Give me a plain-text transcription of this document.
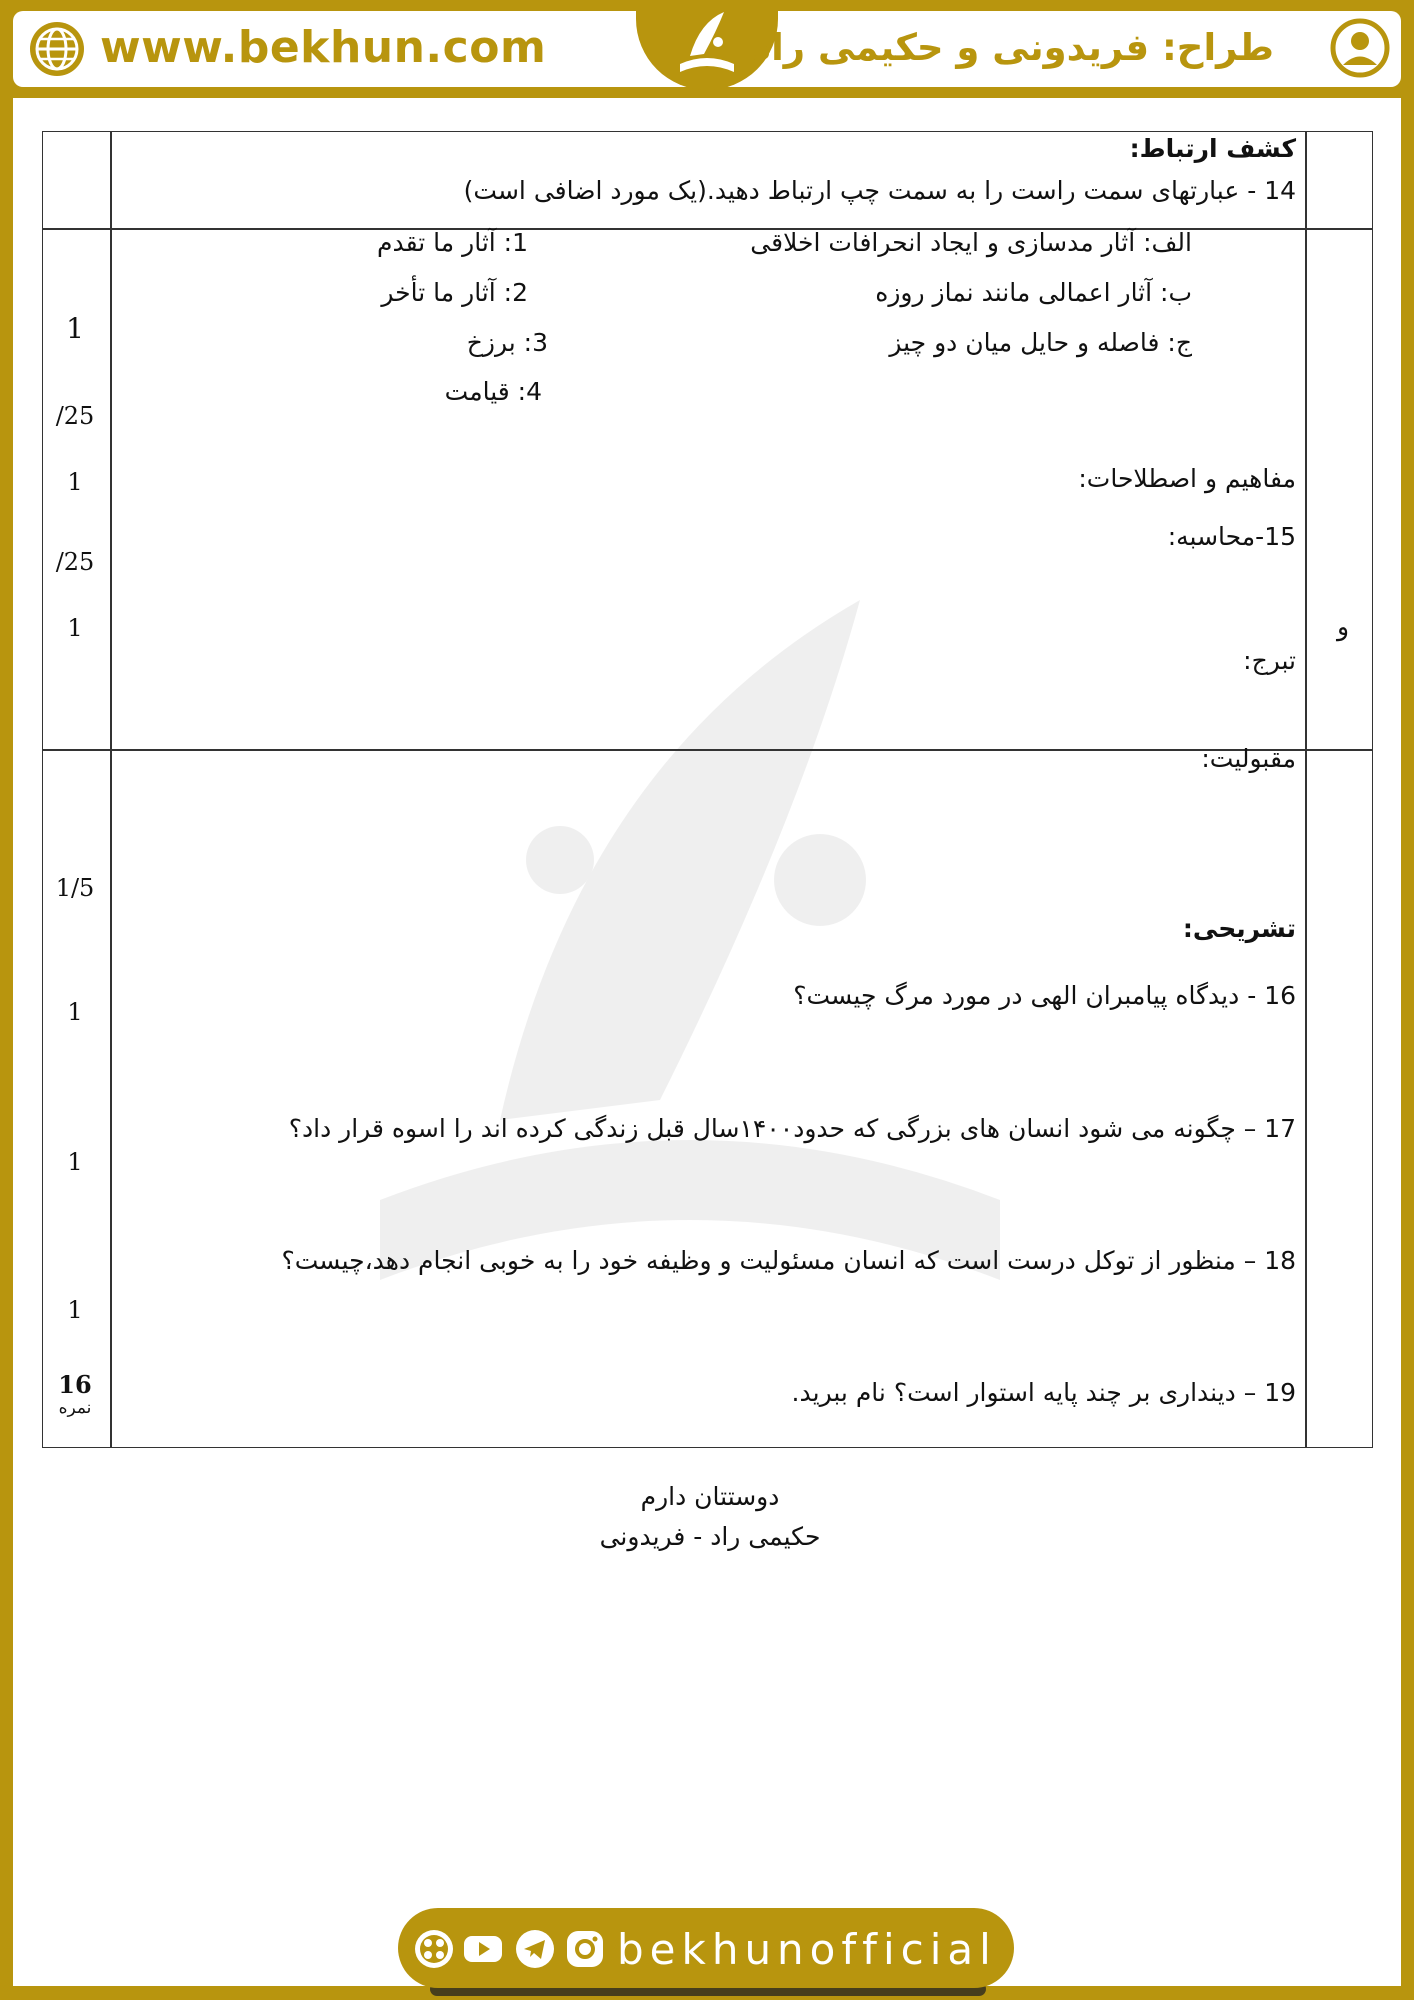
www.bekhun.com	طراح: فریدونی و حکیمی راد
و
کشف ارتباط:
14 - عبارتهای سمت راست را به سمت چپ ارتباط دهید.(یک مورد اضافی است)
الف: آثار مدسازی و ایجاد انحرافات اخلاقی
ب: آثار اعمالی مانند نماز روزه
ج: فاصله و حایل میان دو چیز
1: آثار ما تقدم
2: آثار ما تأخر
3: برزخ
4: قیامت
مفاهیم و اصطلاحات:
15-محاسبه:
تبرج:
مقبولیت:
تشریحی:
16 - دیدگاه پیامبران الهی در مورد مرگ چیست؟
17 – چگونه می شود انسان های بزرگی که حدود۱۴۰۰سال قبل زندگی کرده اند را اسوه قرار داد؟
18 – منظور از توکل درست است که انسان مسئولیت و وظیفه خود را به خوبی انجام دهد،چیست؟
19 – دینداری بر چند پایه استوار است؟ نام ببرید.
1
/25
1
/25
1
1/5
1
1
1
16
نمره
دوستتان دارم
حکیمی راد - فریدونی
bekhunofficial
